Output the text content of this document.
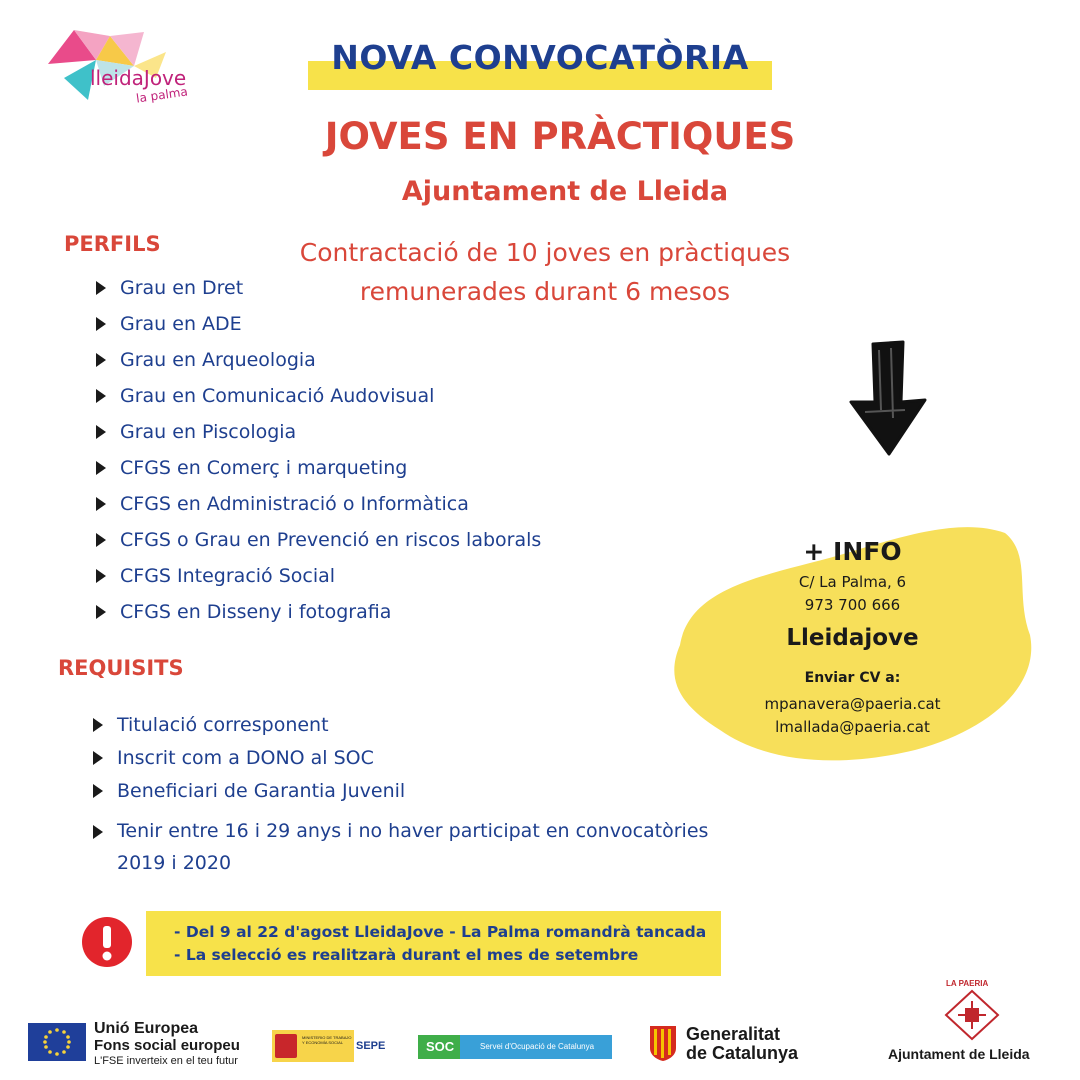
lleidaJove
la palma
NOVA CONVOCATÒRIA
JOVES EN PRÀCTIQUES
Ajuntament de Lleida
Contractació de 10 joves en pràctiques
remunerades durant 6 mesos
PERFILS
Grau en Dret
Grau en ADE
Grau en Arqueologia
Grau en Comunicació Audovisual
Grau en Piscologia
CFGS en Comerç i marqueting
CFGS en Administració o Informàtica
CFGS o Grau en Prevenció en riscos laborals
CFGS Integració Social
CFGS en Disseny i fotografia
+ INFO
C/ La Palma, 6
973 700 666
Lleidajove
Enviar CV a:
mpanavera@paeria.cat
lmallada@paeria.cat
REQUISITS
Titulació corresponent
Inscrit com a DONO al SOC
Beneficiari de Garantia Juvenil
Tenir entre 16 i 29 anys i no haver participat en convocatòries
2019 i 2020
- Del 9 al 22 d'agost LleidaJove - La Palma romandrà tancada
- La selecció es realitzarà durant el mes de setembre
Unió Europea
Fons social europeu
L'FSE inverteix en el teu futur
MINISTERIO DE TRABAJO Y ECONOMÍA SOCIAL	SEPE	SOC	Servei d'Ocupació de Catalunya
Generalitat
de Catalunya
LA PAERIA
Ajuntament de Lleida
